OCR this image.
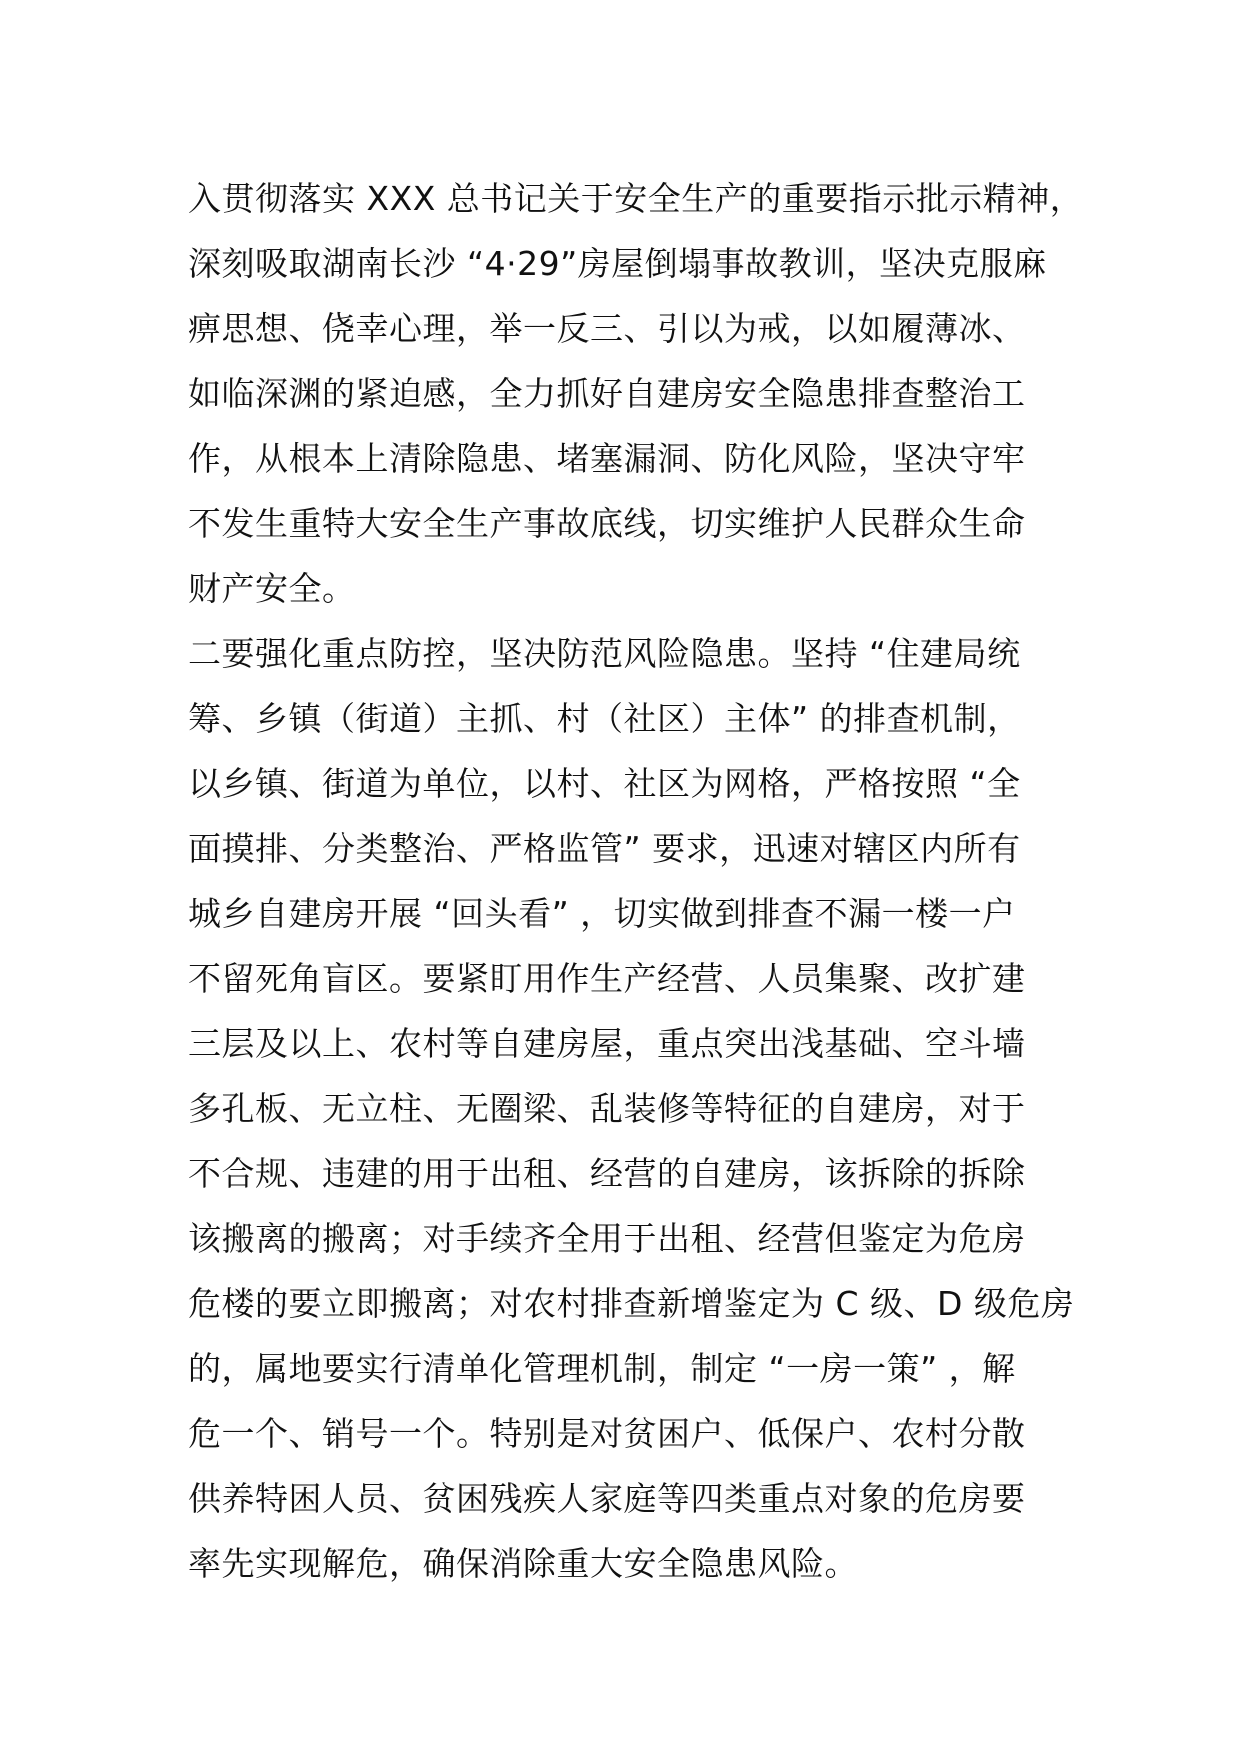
入贯彻落实 XXX 总书记关于安全生产的重要指示批示精神，
深刻吸取湖南长沙 “4·29”房屋倒塌事故教训，坚决克服麻
痹思想、侥幸心理，举一反三、引以为戒，以如履薄冰、
如临深渊的紧迫感，全力抓好自建房安全隐患排查整治工
作，从根本上清除隐患、堵塞漏洞、防化风险，坚决守牢
不发生重特大安全生产事故底线，切实维护人民群众生命
财产安全。
二要强化重点防控，坚决防范风险隐患。坚持 “住建局统
筹、乡镇（街道）主抓、村（社区）主体” 的排查机制，
以乡镇、街道为单位，以村、社区为网格，严格按照 “全
面摸排、分类整治、严格监管” 要求，迅速对辖区内所有
城乡自建房开展 “回头看” ，切实做到排查不漏一楼一户
不留死角盲区。要紧盯用作生产经营、人员集聚、改扩建
三层及以上、农村等自建房屋，重点突出浅基础、空斗墙
多孔板、无立柱、无圈梁、乱装修等特征的自建房，对于
不合规、违建的用于出租、经营的自建房，该拆除的拆除
该搬离的搬离；对手续齐全用于出租、经营但鉴定为危房
危楼的要立即搬离；对农村排查新增鉴定为 C 级、D 级危房
的，属地要实行清单化管理机制，制定 “一房一策” ，解
危一个、销号一个。特别是对贫困户、低保户、农村分散
供养特困人员、贫困残疾人家庭等四类重点对象的危房要
率先实现解危，确保消除重大安全隐患风险。
